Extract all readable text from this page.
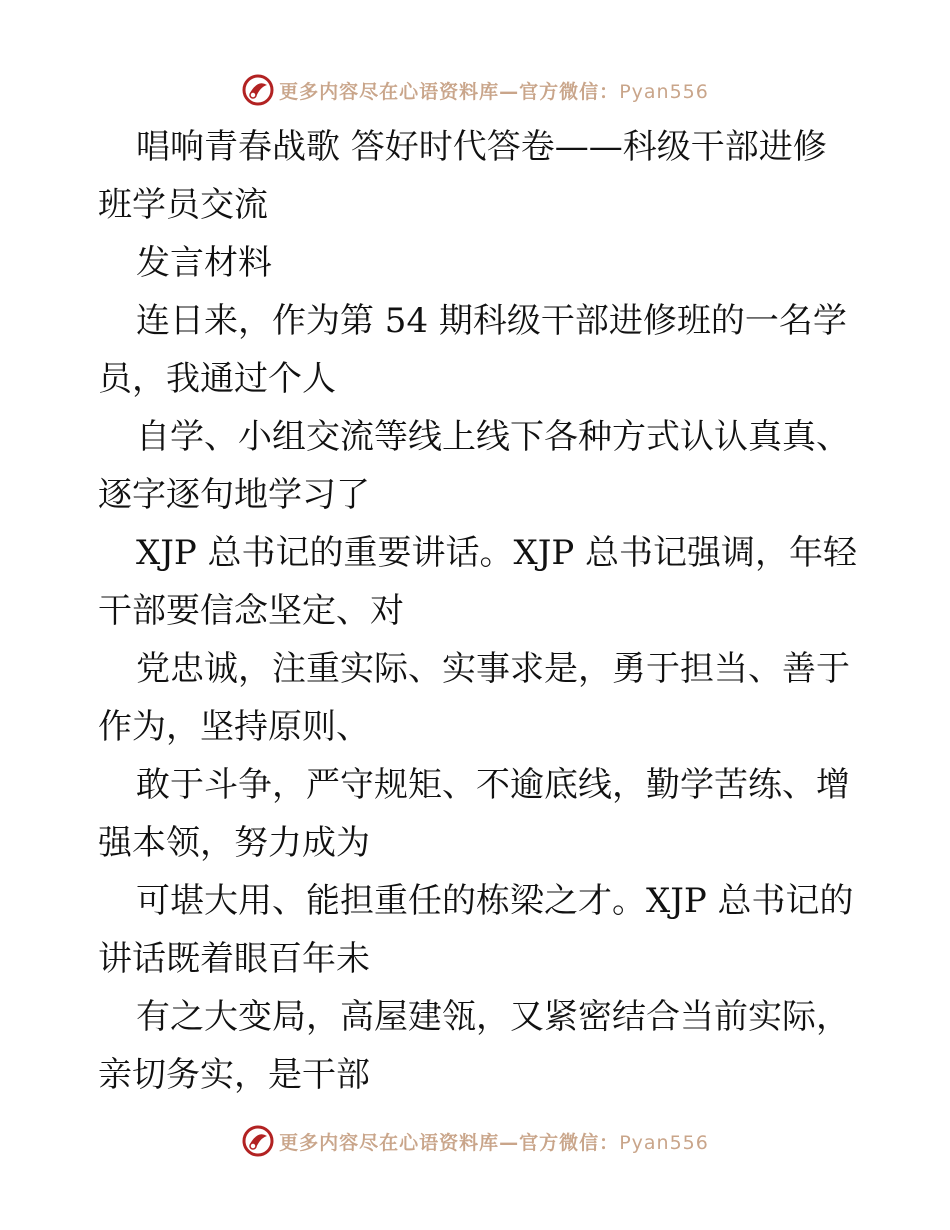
更多内容尽在心语资料库—官方微信：Pyan556
唱响青春战歌 答好时代答卷——科级干部进修
班学员交流
发言材料
连日来，作为第 54 期科级干部进修班的一名学
员，我通过个人
自学、小组交流等线上线下各种方式认认真真、
逐字逐句地学习了
XJP 总书记的重要讲话。XJP 总书记强调，年轻
干部要信念坚定、对
党忠诚，注重实际、实事求是，勇于担当、善于
作为，坚持原则、
敢于斗争，严守规矩、不逾底线，勤学苦练、增
强本领，努力成为
可堪大用、能担重任的栋梁之才。XJP 总书记的
讲话既着眼百年未
有之大变局，高屋建瓴，又紧密结合当前实际，
亲切务实，是干部
更多内容尽在心语资料库—官方微信：Pyan556
